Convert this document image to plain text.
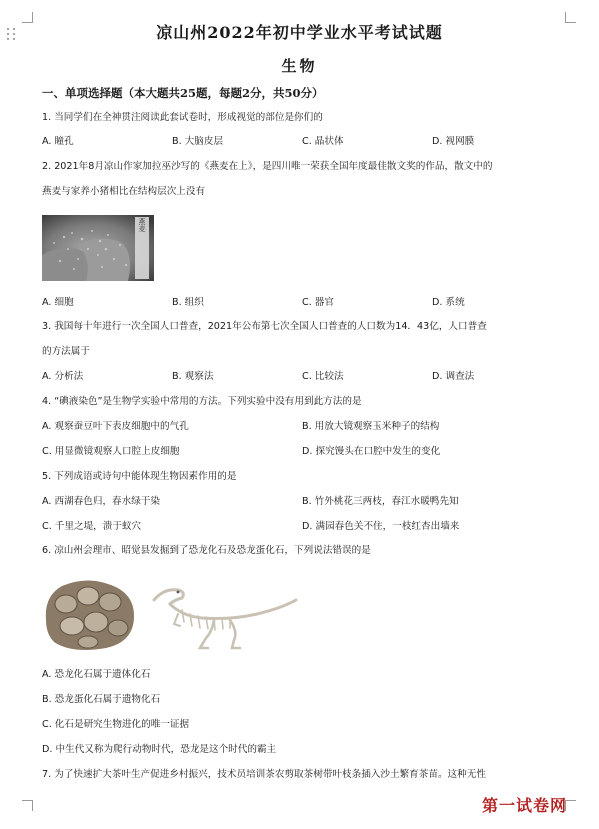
凉山州2022年初中学业水平考试试题
生物
一、单项选择题（本大题共25题，每题2分，共50分）
1. 当同学们在全神贯注阅读此套试卷时，形成视觉的部位是你们的
A. 瞳孔	B. 大脑皮层	C. 晶状体	D. 视网膜
2. 2021年8月凉山作家加拉巫沙写的《燕麦在上》，是四川唯一荣获全国年度最佳散文奖的作品，散文中的
燕麦与家养小猪相比在结构层次上没有
燕麦
A. 细胞	B. 组织	C. 器官	D. 系统
3. 我国每十年进行一次全国人口普查，2021年公布第七次全国人口普查的人口数为14．43亿，人口普查
的方法属于
A. 分析法	B. 观察法	C. 比较法	D. 调查法
4. “碘液染色”是生物学实验中常用的方法。下列实验中没有用到此方法的是
A. 观察蚕豆叶下表皮细胞中的气孔	B. 用放大镜观察玉米种子的结构
C. 用显微镜观察人口腔上皮细胞	D. 探究馒头在口腔中发生的变化
5. 下列成语或诗句中能体现生物因素作用的是
A. 西湖春色归，春水绿于染	B. 竹外桃花三两枝，春江水暖鸭先知
C. 千里之堤，溃于蚁穴	D. 满园春色关不住，一枝红杏出墙来
6. 凉山州会理市、昭觉县发掘到了恐龙化石及恐龙蛋化石，下列说法错误的是
A. 恐龙化石属于遗体化石
B. 恐龙蛋化石属于遗物化石
C. 化石是研究生物进化的唯一证据
D. 中生代又称为爬行动物时代，恐龙是这个时代的霸主
7. 为了快速扩大茶叶生产促进乡村振兴，技术员培训茶农剪取茶树带叶枝条插入沙土繁育茶苗。这种无性
第一试卷网
